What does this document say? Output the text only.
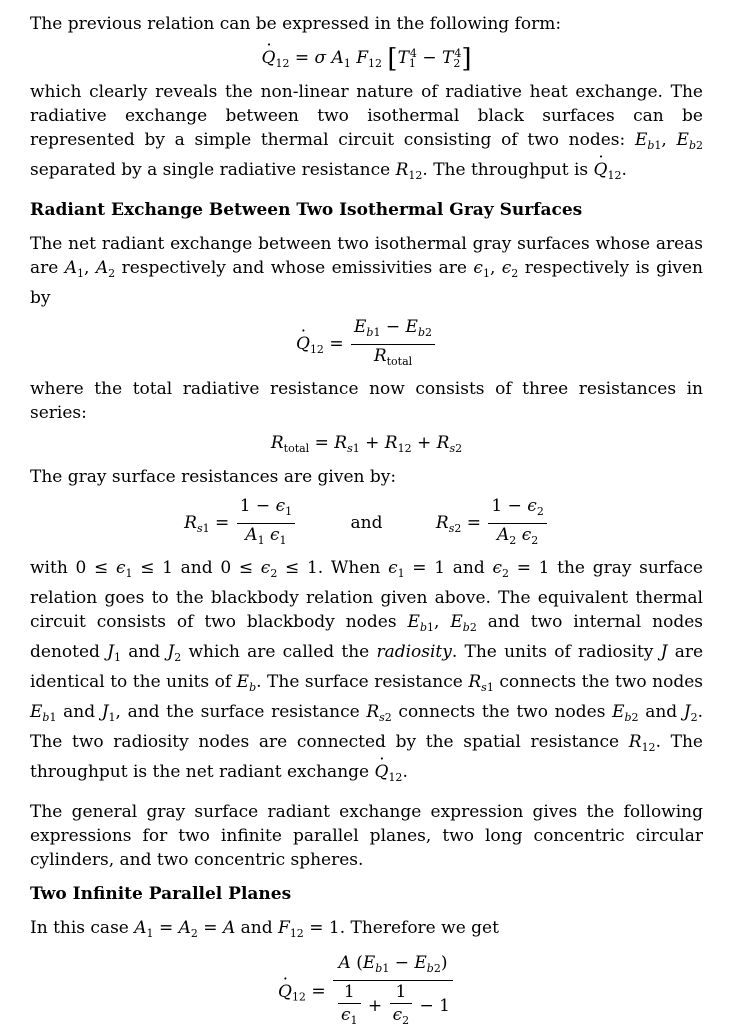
The previous relation can be expressed in the following form:

· $Q_{12} = \sigma$ $A_1$ $F_{12}$ $[T_1^4 - T_2^4]$

which clearly reveals the non-linear nature of radiative heat exchange. The radiative exchange between two isothermal black surfaces can be represented by a simple thermal circuit consisting of two nodes: $E_{b1}$, $E_{b2}$ separated by a single radiative resistance $R_{12}$. The throughput is · $Q_{12}$.

Radiant Exchange Between Two Isothermal Gray Surfaces

The net radiant exchange between two isothermal gray surfaces whose areas are $A_1$, $A_2$ respectively and whose emissivities are $\epsilon_1$, $\epsilon_2$ respectively is given by

· $Q_{12} = \frac{E_{b1} - E_{b2}}{R_{total}}$

where the total radiative resistance now consists of three resistances in series:

$R_{total} = R_{s1} + R_{12} + R_{s2}$

The gray surface resistances are given by:

$R_{s1} = \frac{1 - \epsilon_1}{A_1 \epsilon_1}$	and	$R_{s2} = \frac{1 - \epsilon_2}{A_2 \epsilon_2}$

with $0 \le \epsilon_1 \le 1$ and $0 \le \epsilon_2 \le 1$. When $\epsilon_1 = 1$ and $\epsilon_2 = 1$ the gray surface relation goes to the blackbody relation given above. The equivalent thermal circuit consists of two blackbody nodes $E_{b1}$, $E_{b2}$ and two internal nodes denoted $J_1$ and $J_2$ which are called the radiosity. The units of radiosity J are identical to the units of $E_b$. The surface resistance $R_{s1}$ connects the two nodes $E_{b1}$ and $J_1$, and the surface resistance $R_{s2}$ connects the two nodes $E_{b2}$ and $J_2$. The two radiosity nodes are connected by the spatial resistance $R_{12}$. The throughput is the net radiant exchange · $Q_{12}$.

The general gray surface radiant exchange expression gives the following expressions for two infinite parallel planes, two long concentric circular cylinders, and two concentric spheres.

Two Infinite Parallel Planes

In this case $A_1 = A_2 = A$ and $F_{12} = 1$. Therefore we get

· $Q_{12} = \frac{A (E_{b1} - E_{b2})}{\frac{1}{\epsilon_1} + \frac{1}{\epsilon_2} - 1}$
